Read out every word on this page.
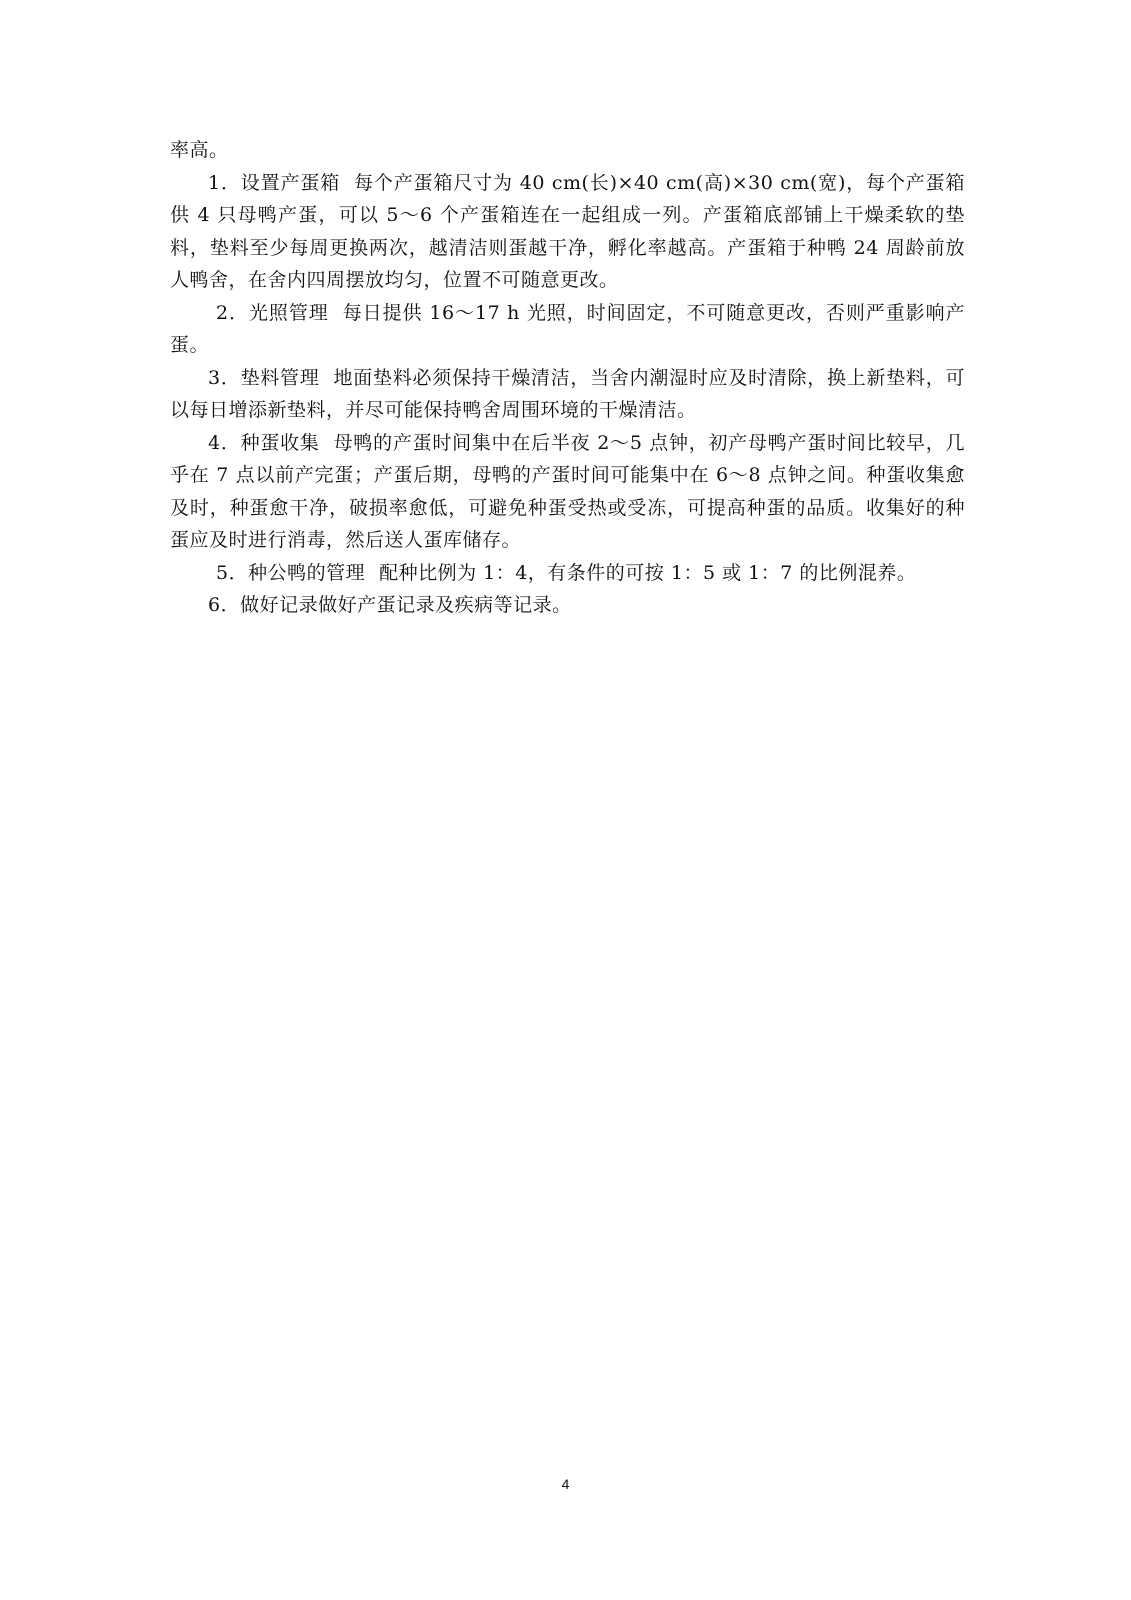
率高。

1．设置产蛋箱 每个产蛋箱尺寸为 40 cm(长)×40 cm(高)×30 cm(宽)，每个产蛋箱供 4 只母鸭产蛋，可以 5～6 个产蛋箱连在一起组成一列。产蛋箱底部铺上干燥柔软的垫料，垫料至少每周更换两次，越清洁则蛋越干净，孵化率越高。产蛋箱于种鸭 24 周龄前放人鸭舍，在舍内四周摆放均匀，位置不可随意更改。

2．光照管理 每日提供 16～17 h 光照，时间固定，不可随意更改，否则严重影响产蛋。

3．垫料管理 地面垫料必须保持干燥清洁，当舍内潮湿时应及时清除，换上新垫料，可以每日增添新垫料，并尽可能保持鸭舍周围环境的干燥清洁。

4．种蛋收集 母鸭的产蛋时间集中在后半夜 2～5 点钟，初产母鸭产蛋时间比较早，几乎在 7 点以前产完蛋；产蛋后期，母鸭的产蛋时间可能集中在 6～8 点钟之间。种蛋收集愈及时，种蛋愈干净，破损率愈低，可避免种蛋受热或受冻，可提高种蛋的品质。收集好的种蛋应及时进行消毒，然后送人蛋库储存。

5．种公鸭的管理 配种比例为 1：4，有条件的可按 1：5 或 1：7 的比例混养。

6．做好记录做好产蛋记录及疾病等记录。

4
